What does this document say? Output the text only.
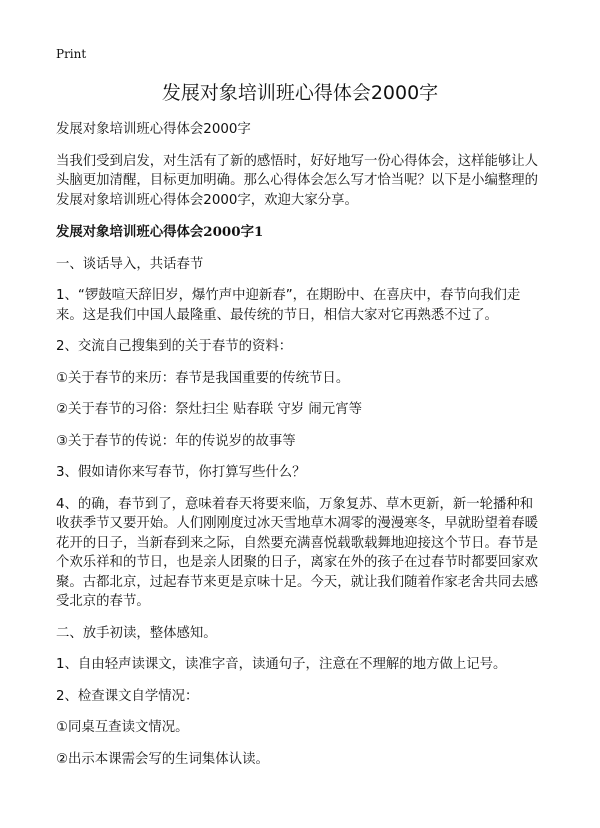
Print
发展对象培训班心得体会2000字

发展对象培训班心得体会2000字

当我们受到启发，对生活有了新的感悟时，好好地写一份心得体会，这样能够让人头脑更加清醒，目标更加明确。那么心得体会怎么写才恰当呢？以下是小编整理的发展对象培训班心得体会2000字，欢迎大家分享。

发展对象培训班心得体会2000字1

一、谈话导入，共话春节

1、“锣鼓喧天辞旧岁，爆竹声中迎新春”，在期盼中、在喜庆中，春节向我们走来。这是我们中国人最隆重、最传统的节日，相信大家对它再熟悉不过了。

2、交流自己搜集到的关于春节的资料：

①关于春节的来历：春节是我国重要的传统节日。

②关于春节的习俗：祭灶扫尘 贴春联 守岁 闹元宵等

③关于春节的传说：年的传说岁的故事等

3、假如请你来写春节，你打算写些什么？

4、的确，春节到了，意味着春天将要来临，万象复苏、草木更新，新一轮播种和收获季节又要开始。人们刚刚度过冰天雪地草木凋零的漫漫寒冬，早就盼望着春暖花开的日子，当新春到来之际，自然要充满喜悦载歌载舞地迎接这个节日。春节是个欢乐祥和的节日，也是亲人团聚的日子，离家在外的孩子在过春节时都要回家欢聚。古都北京，过起春节来更是京味十足。今天，就让我们随着作家老舍共同去感受北京的春节。

二、放手初读，整体感知。

1、自由轻声读课文，读准字音，读通句子，注意在不理解的地方做上记号。

2、检查课文自学情况：

①同桌互查读文情况。

②出示本课需会写的生词集体认读。
